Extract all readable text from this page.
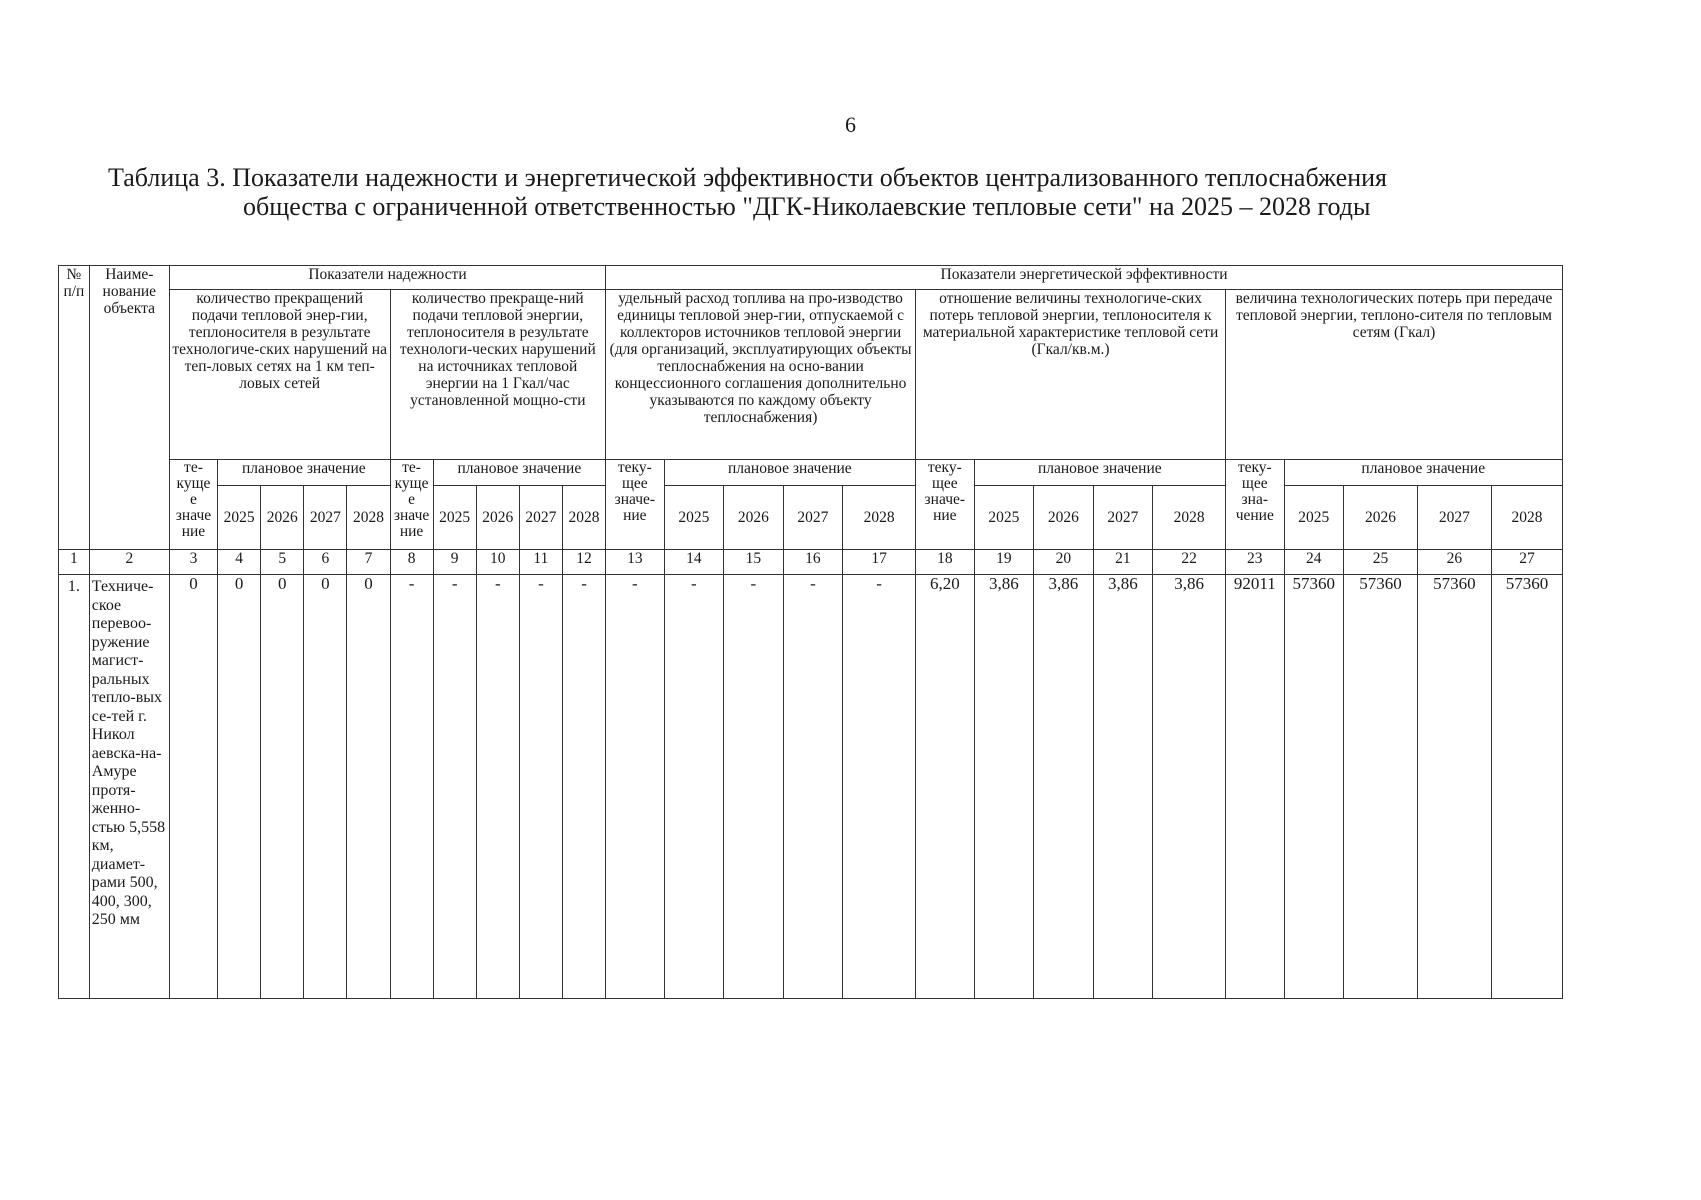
6
Таблица 3. Показатели надежности и энергетической эффективности объектов централизованного теплоснабжения
общества с ограниченной ответственностью "ДГК-Николаевские тепловые сети" на 2025 – 2028 годы
№ п/п	Наиме-нование объекта	Показатели надежности										Показатели энергетической эффективности														
		количество прекращений подачи тепловой энер-гии, теплоносителя в результате технологиче-ских нарушений на теп-ловых сетях на 1 км теп-ловых сетей					количество прекраще-ний подачи тепловой энергии, теплоносителя в результате технологи-ческих нарушений на источниках тепловой энергии на 1 Гкал/час установленной мощно-сти					удельный расход топлива на про-изводство единицы тепловой энер-гии, отпускаемой с коллекторов источников тепловой энергии (для организаций, эксплуатирующих объекты теплоснабжения на осно-вании концессионного соглашения дополнительно указываются по каждому объекту теплоснабжения)					отношение величины технологиче-ских потерь тепловой энергии, теплоносителя к материальной характеристике тепловой сети (Гкал/кв.м.)					величина технологических потерь при передаче тепловой энергии, теплоно-сителя по тепловым сетям (Гкал)				
		те-куще е значе ние	плановое значение				те-куще е значе ние	плановое значение				теку-щее значе-ние	плановое значение				теку-щее значе-ние	плановое значение				теку-щее зна-чение	плановое значение			
			2025	2026	2027	2028		2025	2026	2027	2028		2025	2026	2027	2028		2025	2026	2027	2028		2025	2026	2027	2028
1	2	3	4	5	6	7	8	9	10	11	12	13	14	15	16	17	18	19	20	21	22	23	24	25	26	27
1.	Техниче-ское перевоо-ружение магист-ральных тепло-вых се-тей г. Никол аевска-на-Амуре протя-женно-стью 5,558 км, диамет-рами 500, 400, 300, 250 мм	0	0	0	0	0	-	-	-	-	-	-	-	-	-	-	6,20	3,86	3,86	3,86	3,86	92011	57360	57360	57360	57360
